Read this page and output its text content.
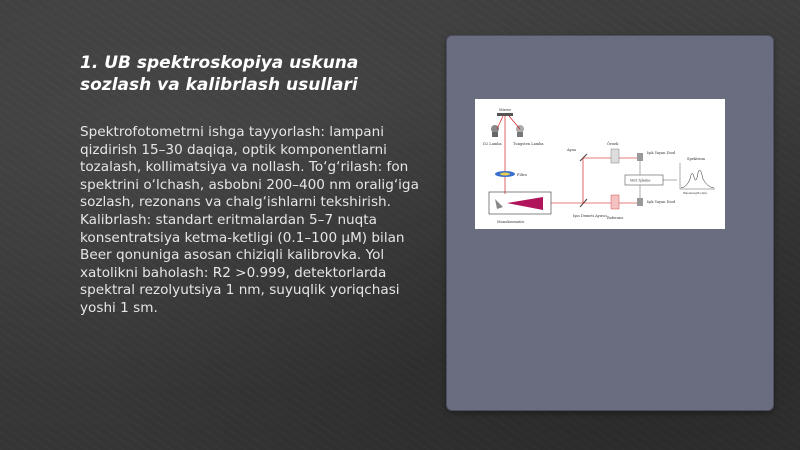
1. UB spektroskopiya uskuna sozlash va kalibrlash usullari

Spektrofotometrni ishga tayyorlash: lampani qizdirish 15–30 daqiqa, optik komponentlarni tozalash, kollimatsiya va nollash. To‘g‘rilash: fon spektrini o‘lchash, asbobni 200–400 nm oralig‘iga sozlash, rezonans va chalg‘ishlarni tekshirish. Kalibrlash: standart eritmalardan 5–7 nuqta konsentratsiya ketma-ketligi (0.1–100 µM) bilan Beer qonuniga asosan chiziqli kalibrovka. Yol xatolikni baholash: R2 >0.999, detektorlarda spektral rezolyutsiya 1 nm, suyuqlik yoriqchasi yoshi 1 sm.

Mirror
D2 Lamba	Tungsten Lamba
Filtre
Monokromatör
Ayna
Işın Demeti Ayırıcı
Örnek
Referans
Işık Yayan Diod
Işık Yayan Diod
Veri İşleme
Spektrum
Wavelength (nm)
